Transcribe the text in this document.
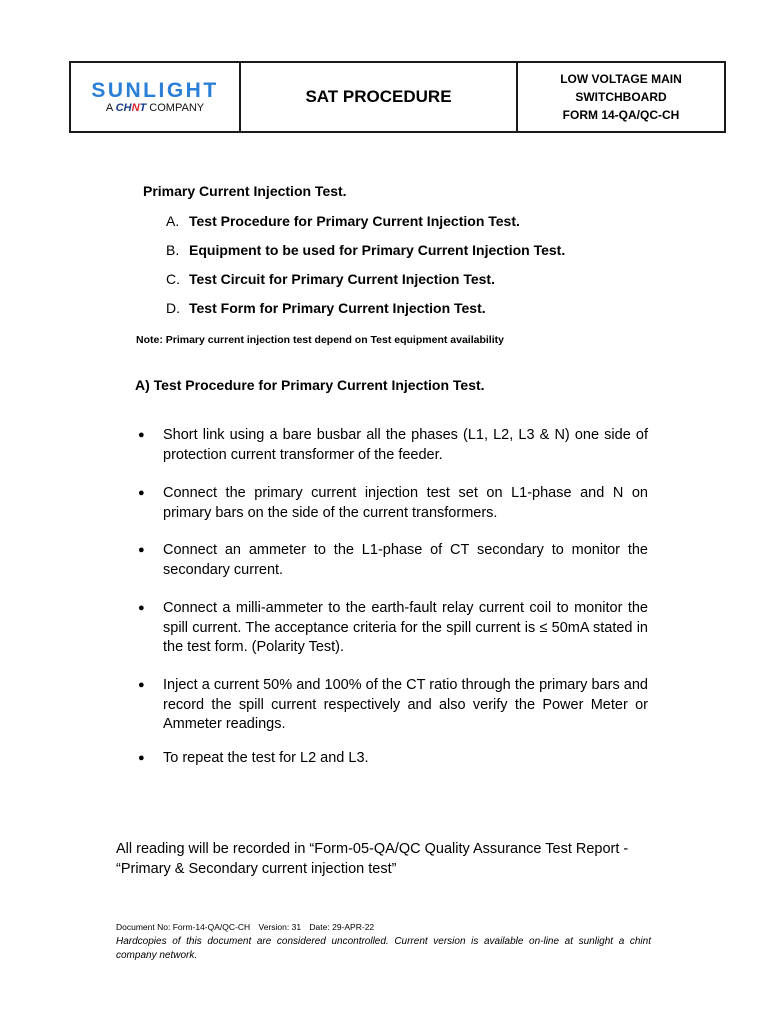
SUNLIGHT
A CHNT COMPANY
SAT PROCEDURE
LOW VOLTAGE MAIN
SWITCHBOARD
FORM 14-QA/QC-CH
Primary Current Injection Test.
A. Test Procedure for Primary Current Injection Test.
B. Equipment to be used for Primary Current Injection Test.
C. Test Circuit for Primary Current Injection Test.
D. Test Form for Primary Current Injection Test.
Note: Primary current injection test depend on Test equipment availability
A) Test Procedure for Primary Current Injection Test.
●	Short link using a bare busbar all the phases (L1, L2, L3 & N) one side of protection current transformer of the feeder.
●	Connect the primary current injection test set on L1-phase and N on primary bars on the side of the current transformers.
●	Connect an ammeter to the L1-phase of CT secondary to monitor the secondary current.
●	Connect a milli-ammeter to the earth-fault relay current coil to monitor the spill current. The acceptance criteria for the spill current is ≤ 50mA stated in the test form. (Polarity Test).
●	Inject a current 50% and 100% of the CT ratio through the primary bars and record the spill current respectively and also verify the Power Meter or Ammeter readings.
●	To repeat the test for L2 and L3.
All reading will be recorded in “Form-05-QA/QC Quality Assurance Test Report - “Primary & Secondary current injection test”
Document No: Form-14-QA/QC-CH Version: 31 Date: 29-APR-22
Hardcopies of this document are considered uncontrolled. Current version is available on-line at sunlight a chint company network.
